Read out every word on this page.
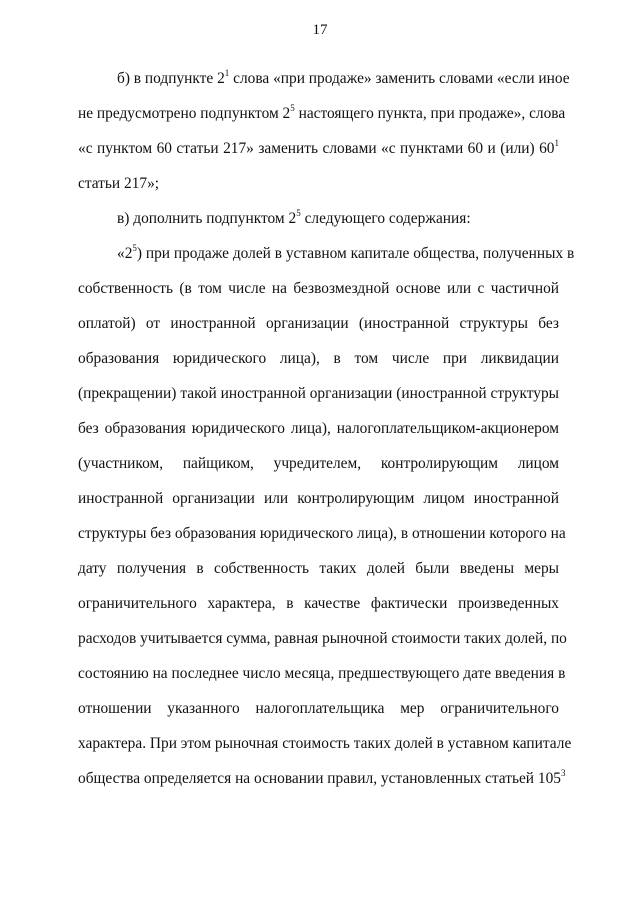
17
б) в подпункте $2^1$ слова «при продаже» заменить словами «если иное
не предусмотрено подпунктом $2^5$ настоящего пункта, при продаже», слова
«с пунктом 60 статьи 217» заменить словами «с пунктами 60 и (или) $60^1$
статьи 217»;
в) дополнить подпунктом $2^5$ следующего содержания:
«$2^5$) при продаже долей в уставном капитале общества, полученных в
собственность (в том числе на безвозмездной основе или с частичной
оплатой) от иностранной организации (иностранной структуры без
образования юридического лица), в том числе при ликвидации
(прекращении) такой иностранной организации (иностранной структуры
без образования юридического лица), налогоплательщиком-акционером
(участником, пайщиком, учредителем, контролирующим лицом
иностранной организации или контролирующим лицом иностранной
структуры без образования юридического лица), в отношении которого на
дату получения в собственность таких долей были введены меры
ограничительного характера, в качестве фактически произведенных
расходов учитывается сумма, равная рыночной стоимости таких долей, по
состоянию на последнее число месяца, предшествующего дате введения в
отношении указанного налогоплательщика мер ограничительного
характера. При этом рыночная стоимость таких долей в уставном капитале
общества определяется на основании правил, установленных статьей $105^3$
